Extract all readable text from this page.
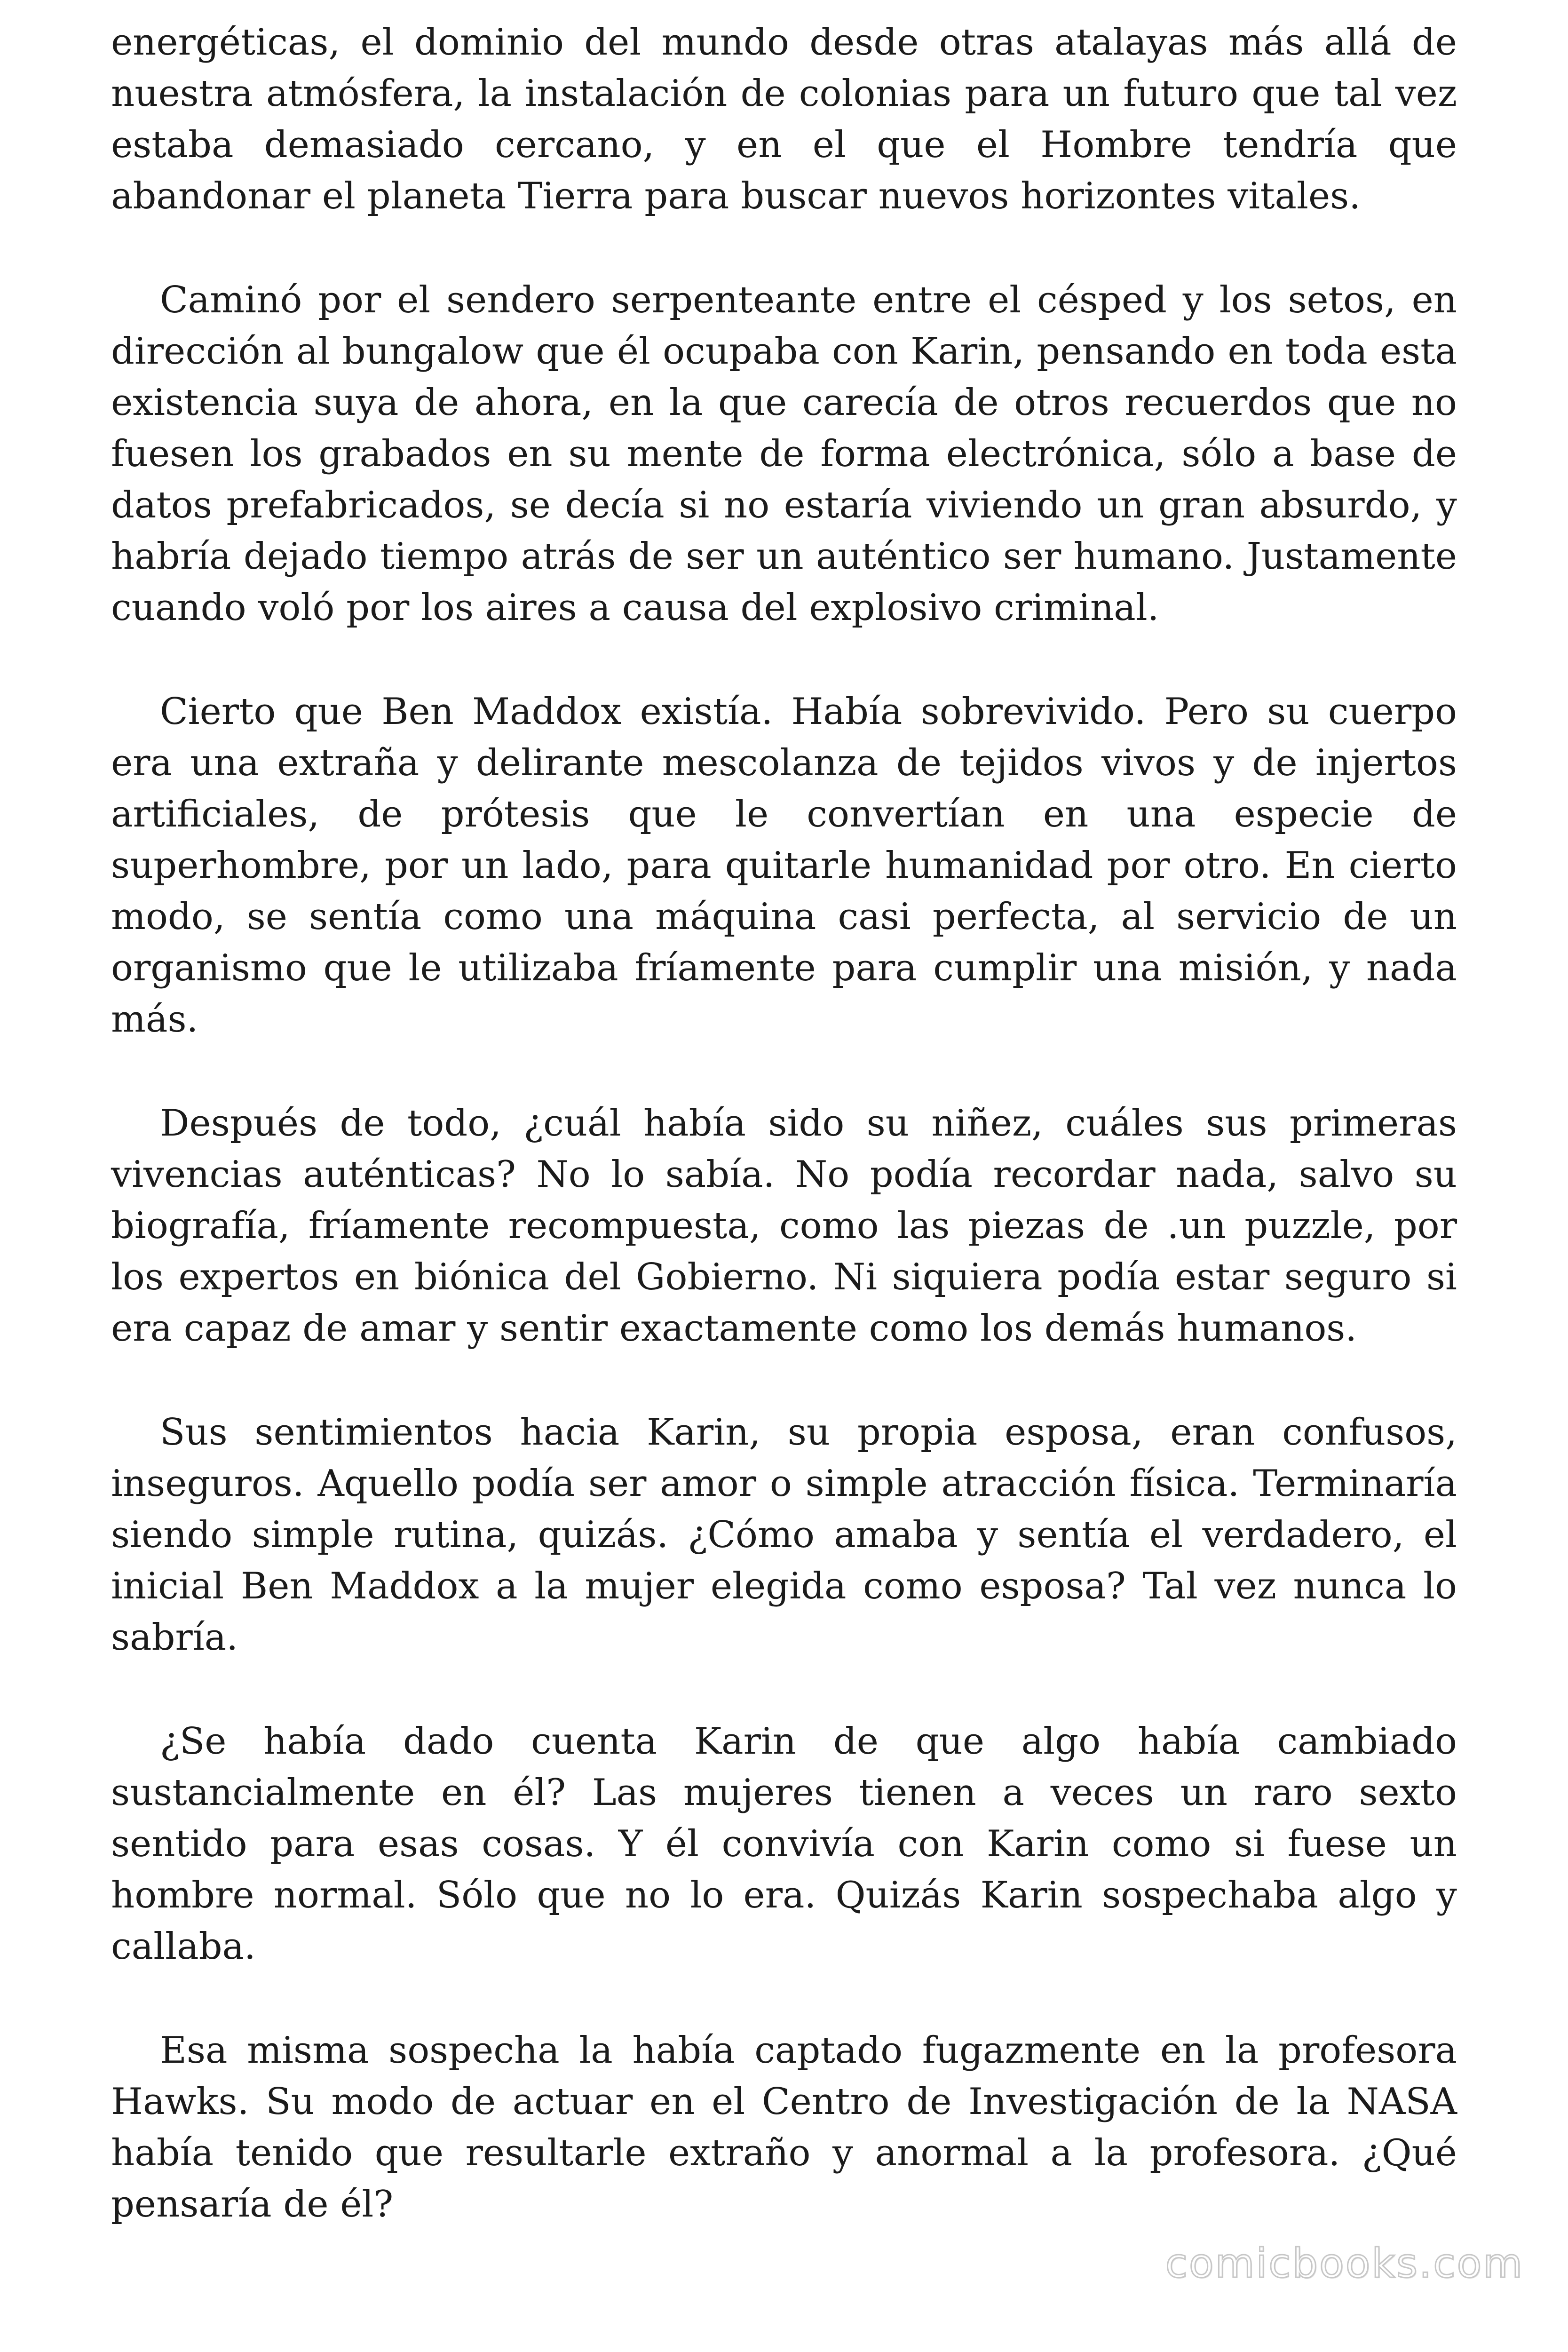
energéticas, el dominio del mundo desde otras atalayas más allá de nuestra atmósfera, la instalación de colonias para un futuro que tal vez estaba demasiado cercano, y en el que el Hombre tendría que abandonar el planeta Tierra para buscar nuevos horizontes vitales.

Caminó por el sendero serpenteante entre el césped y los setos, en dirección al bungalow que él ocupaba con Karin, pensando en toda esta existencia suya de ahora, en la que carecía de otros recuerdos que no fuesen los grabados en su mente de forma electrónica, sólo a base de datos prefabricados, se decía si no estaría viviendo un gran absurdo, y habría dejado tiempo atrás de ser un auténtico ser humano. Justamente cuando voló por los aires a causa del explosivo criminal.

Cierto que Ben Maddox existía. Había sobrevivido. Pero su cuerpo era una extraña y delirante mescolanza de tejidos vivos y de injertos artificiales, de prótesis que le convertían en una especie de superhombre, por un lado, para quitarle humanidad por otro. En cierto modo, se sentía como una máquina casi perfecta, al servicio de un organismo que le utilizaba fríamente para cumplir una misión, y nada más.

Después de todo, ¿cuál había sido su niñez, cuáles sus primeras vivencias auténticas? No lo sabía. No podía recordar nada, salvo su biografía, fríamente recompuesta, como las piezas de .un puzzle, por los expertos en biónica del Gobierno. Ni siquiera podía estar seguro si era capaz de amar y sentir exactamente como los demás humanos.

Sus sentimientos hacia Karin, su propia esposa, eran confusos, inseguros. Aquello podía ser amor o simple atracción física. Terminaría siendo simple rutina, quizás. ¿Cómo amaba y sentía el verdadero, el inicial Ben Maddox a la mujer elegida como esposa? Tal vez nunca lo sabría.

¿Se había dado cuenta Karin de que algo había cambiado sustancialmente en él? Las mujeres tienen a veces un raro sexto sentido para esas cosas. Y él convivía con Karin como si fuese un hombre normal. Sólo que no lo era. Quizás Karin sospechaba algo y callaba.

Esa misma sospecha la había captado fugazmente en la profesora Hawks. Su modo de actuar en el Centro de Investigación de la NASA había tenido que resultarle extraño y anormal a la profesora. ¿Qué pensaría de él?

comicbooks.com
